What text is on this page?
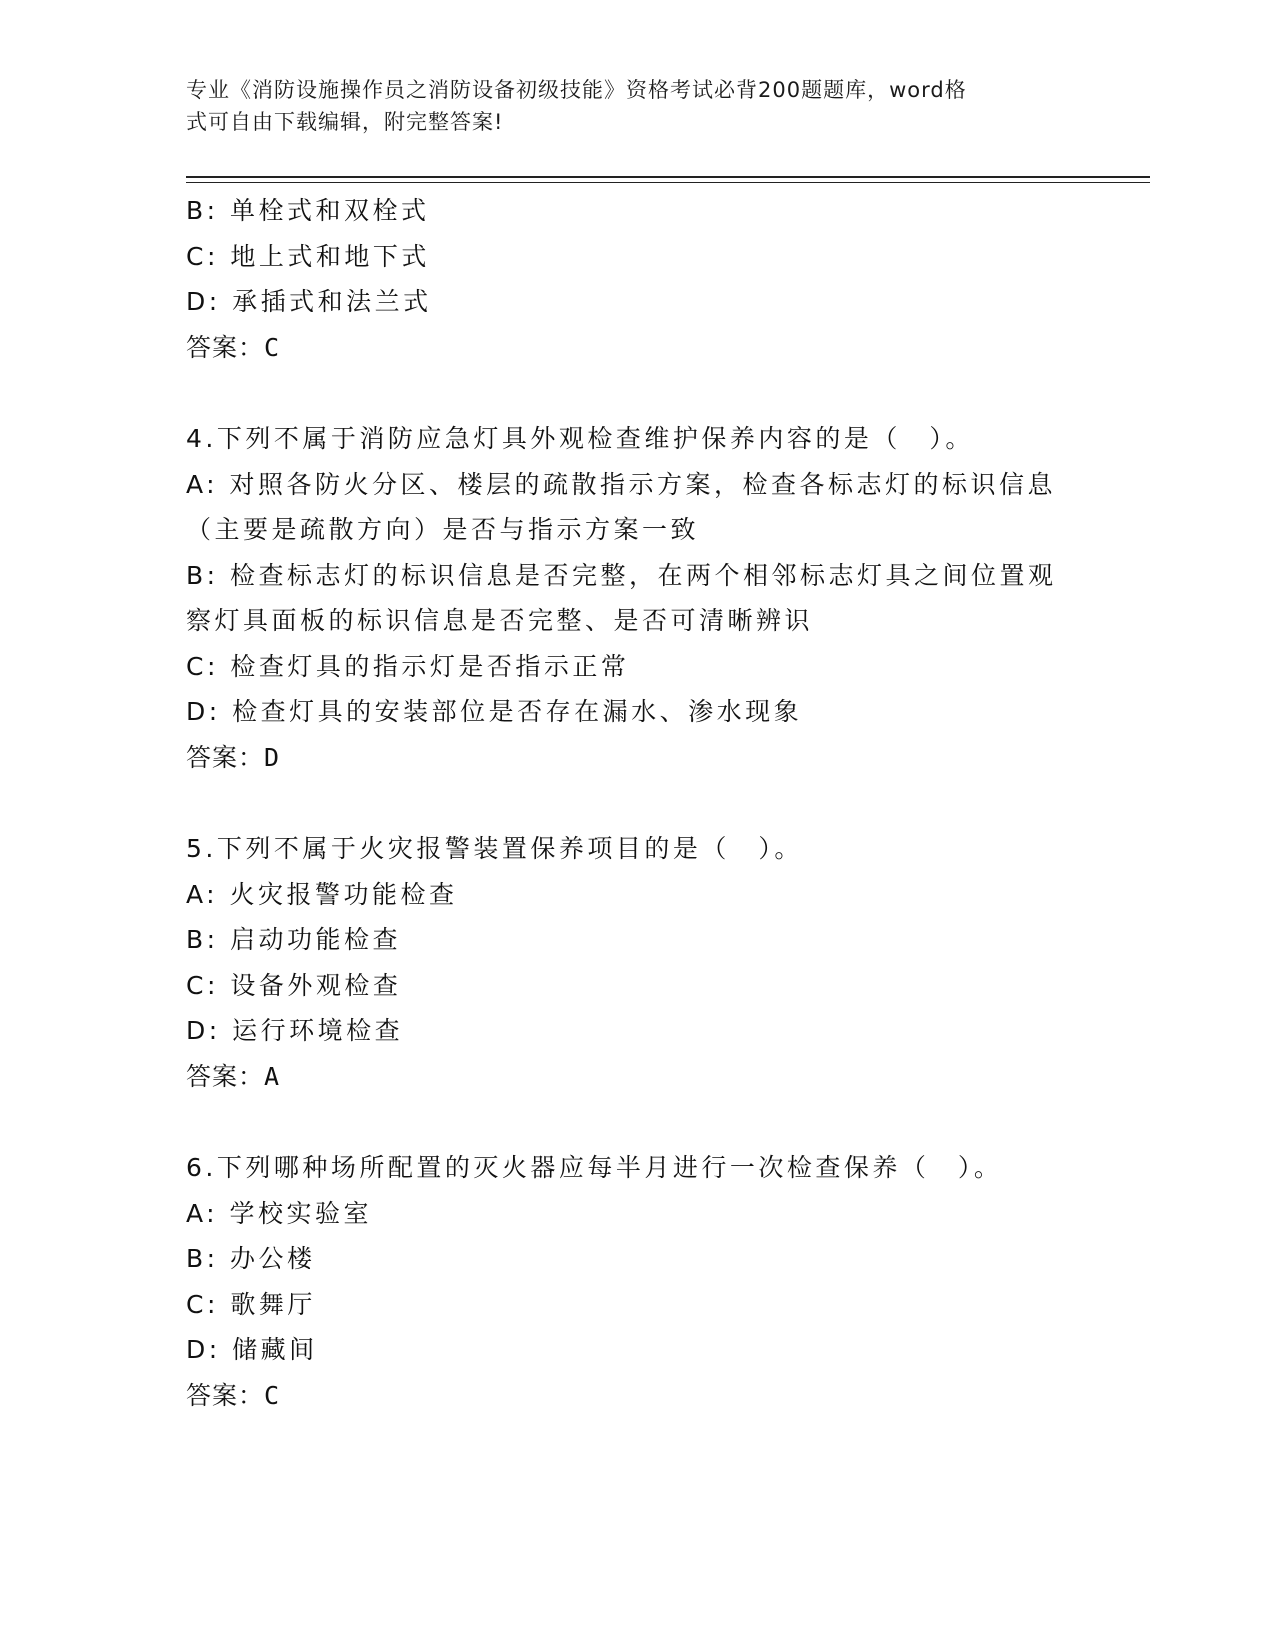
专业《消防设施操作员之消防设备初级技能》资格考试必背200题题库，word格
式可自由下载编辑，附完整答案!
B: 单栓式和双栓式
C: 地上式和地下式
D: 承插式和法兰式
答案：C
4.下列不属于消防应急灯具外观检查维护保养内容的是（　）。
A: 对照各防火分区、楼层的疏散指示方案，检查各标志灯的标识信息
（主要是疏散方向）是否与指示方案一致
B: 检查标志灯的标识信息是否完整，在两个相邻标志灯具之间位置观
察灯具面板的标识信息是否完整、是否可清晰辨识
C: 检查灯具的指示灯是否指示正常
D: 检查灯具的安装部位是否存在漏水、渗水现象
答案：D
5.下列不属于火灾报警装置保养项目的是（　）。
A: 火灾报警功能检查
B: 启动功能检查
C: 设备外观检查
D: 运行环境检查
答案：A
6.下列哪种场所配置的灭火器应每半月进行一次检查保养（　）。
A: 学校实验室
B: 办公楼
C: 歌舞厅
D: 储藏间
答案：C
